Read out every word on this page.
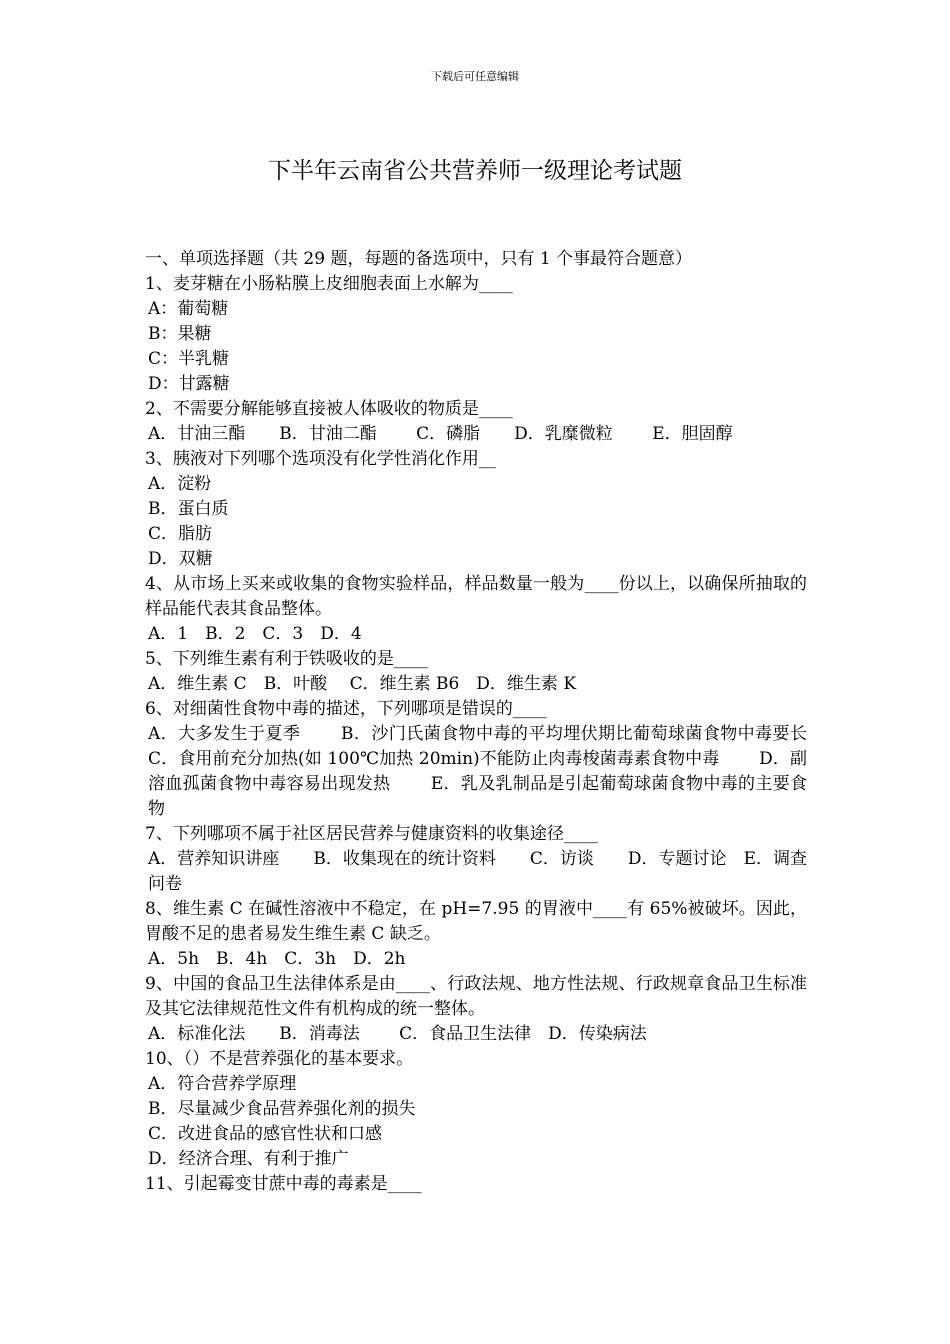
下载后可任意编辑
下半年云南省公共营养师一级理论考试题
一、单项选择题（共 29 题，每题的备选项中，只有 1 个事最符合题意）
1、麦芽糖在小肠粘膜上皮细胞表面上水解为____
A：葡萄糖
B：果糖
C：半乳糖
D：甘露糖
2、不需要分解能够直接被人体吸收的物质是____
A．甘油三酯　　B．甘油二酯　　 C．磷脂　　D．乳糜微粒　　 E．胆固醇
3、胰液对下列哪个选项没有化学性消化作用__
A．淀粉
B．蛋白质
C．脂肪
D．双糖
4、从市场上买来或收集的食物实验样品，样品数量一般为____份以上，以确保所抽取的样品能代表其食品整体。
A．1　B．2　C．3　D．4
5、下列维生素有利于铁吸收的是____
A．维生素 C　B．叶酸　 C．维生素 B6　D．维生素 K
6、对细菌性食物中毒的描述，下列哪项是错误的____
A．大多发生于夏季　　 B．沙门氏菌食物中毒的平均埋伏期比葡萄球菌食物中毒要长　　 C．食用前充分加热(如 100℃加热 20min)不能防止肉毒梭菌毒素食物中毒　　 D．副溶血孤菌食物中毒容易出现发热　　 E．乳及乳制品是引起葡萄球菌食物中毒的主要食物
7、下列哪项不属于社区居民营养与健康资料的收集途径____
A．营养知识讲座　　B．收集现在的统计资料　　C．访谈　　D．专题讨论　E．调查问卷
8、维生素 C 在碱性溶液中不稳定，在 pH=7.95 的胃液中____有 65%被破坏。因此，胃酸不足的患者易发生维生素 C 缺乏。
A．5h　B．4h　C．3h　D．2h
9、中国的食品卫生法律体系是由____、行政法规、地方性法规、行政规章食品卫生标准及其它法律规范性文件有机构成的统一整体。
A．标准化法　　B．消毒法　　 C．食品卫生法律　D．传染病法
10、（）不是营养强化的基本要求。
A．符合营养学原理
B．尽量减少食品营养强化剂的损失
C．改进食品的感官性状和口感
D．经济合理、有利于推广
11、引起霉变甘蔗中毒的毒素是____
